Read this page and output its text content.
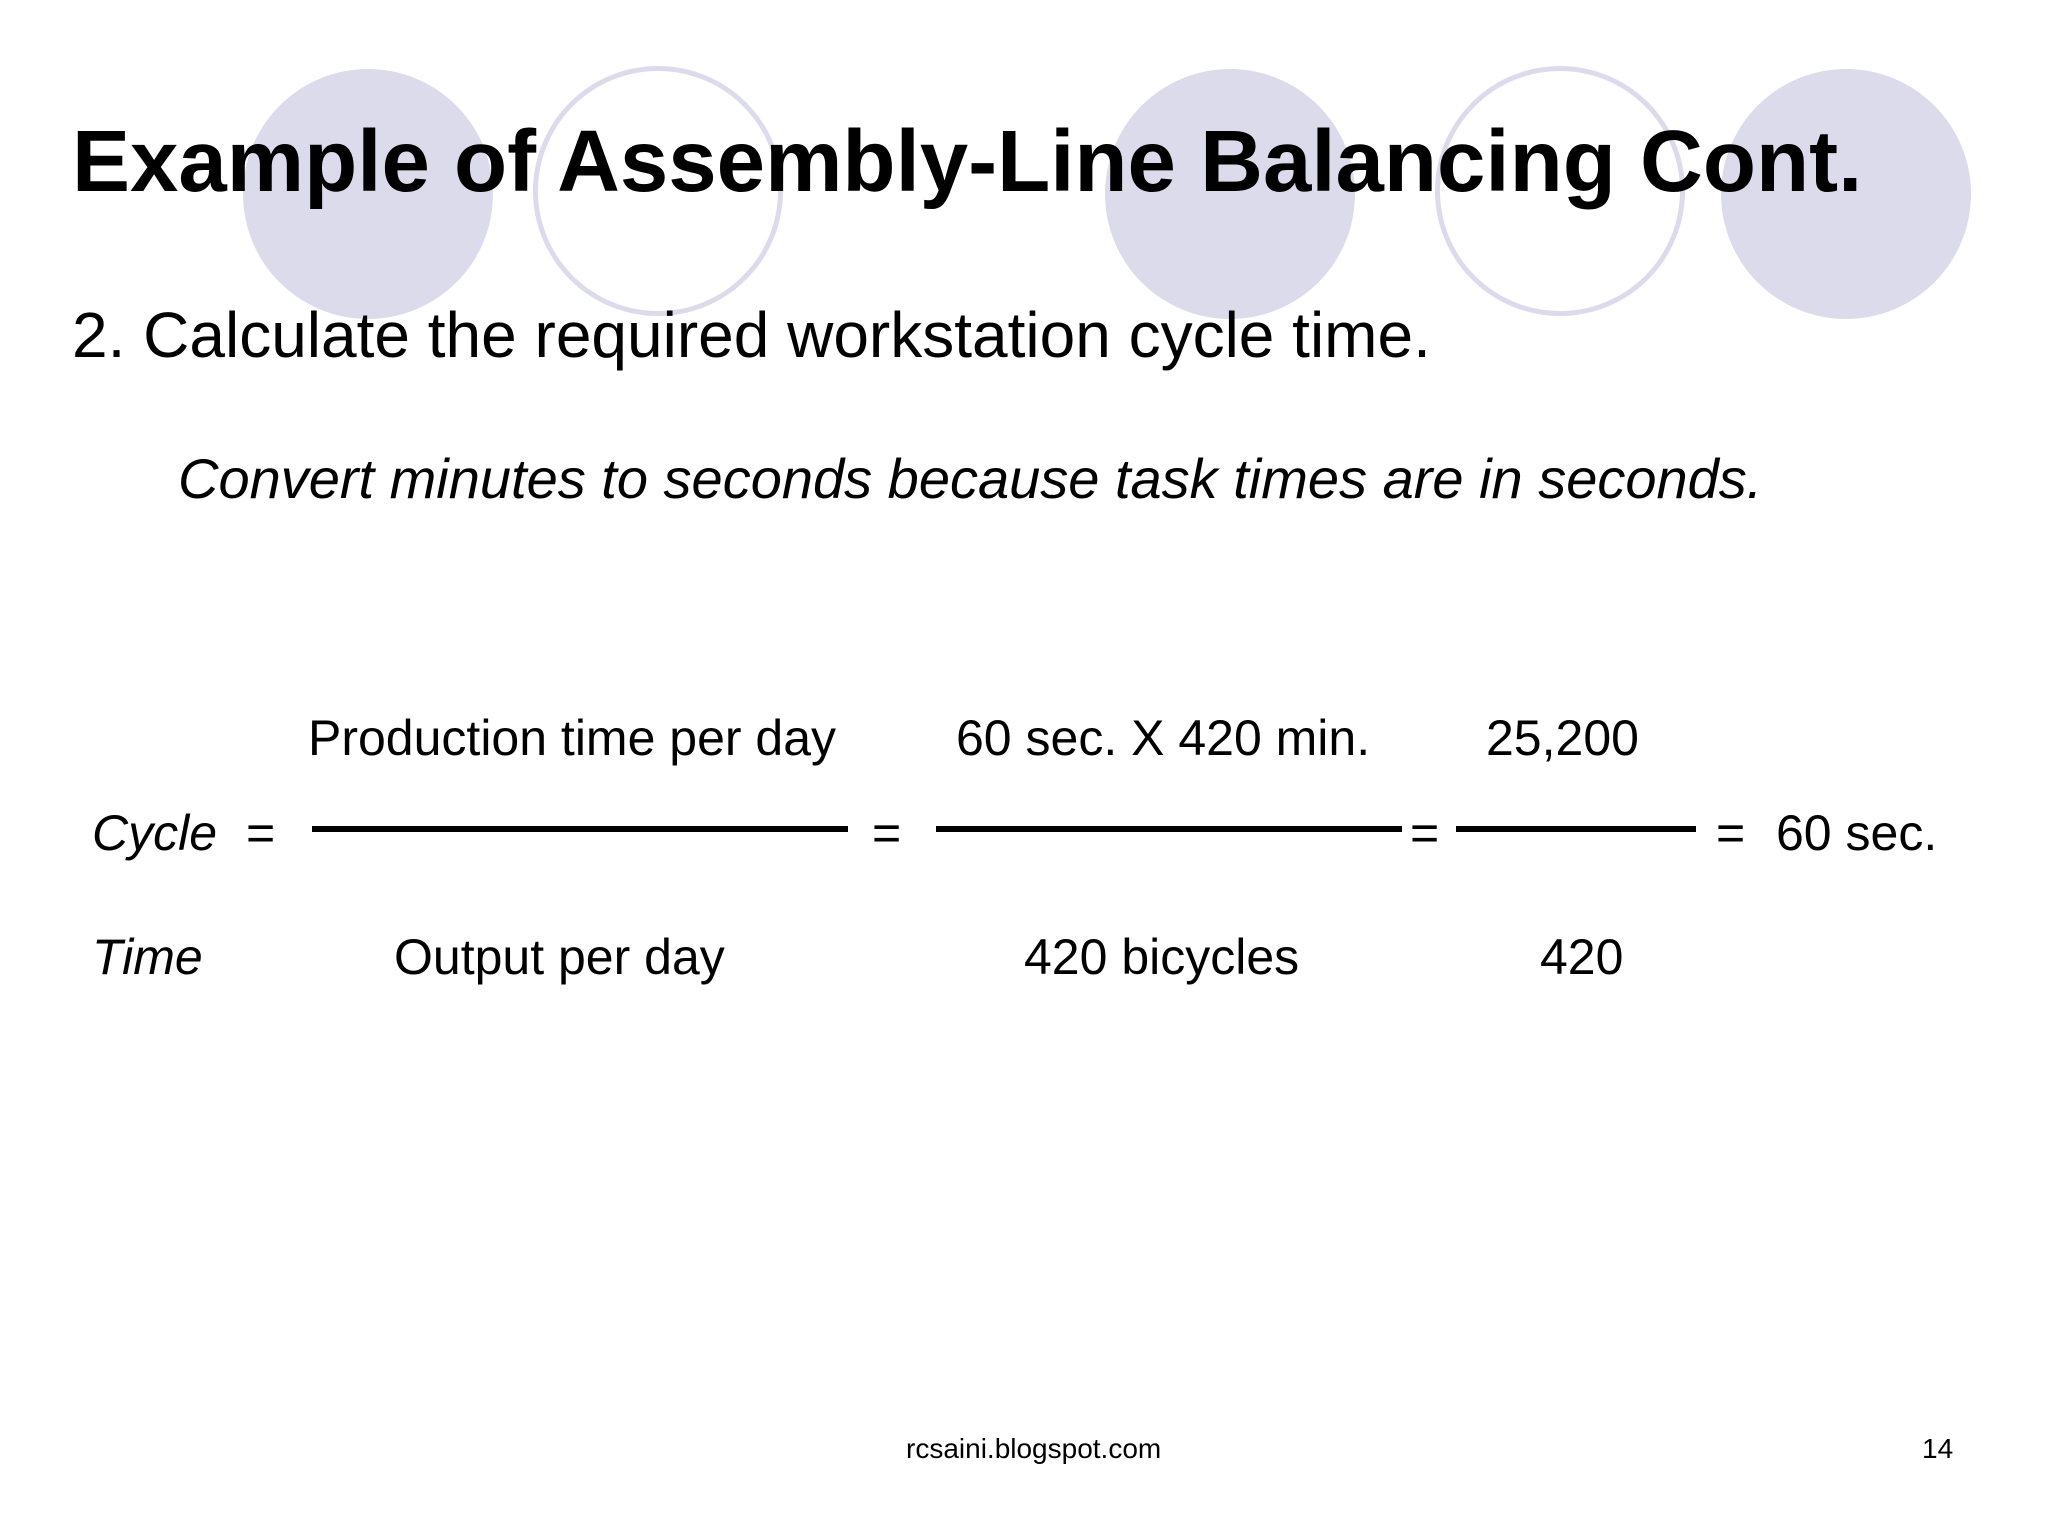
Example of Assembly-Line Balancing Cont.
2. Calculate the required workstation cycle time.
Convert minutes to seconds because task times are in seconds.
Cycle =
Time
Production time per day
Output per day
=
60 sec. X 420 min.
420 bicycles
=
25,200
420
= 60 sec.
rcsaini.blogspot.com	14
